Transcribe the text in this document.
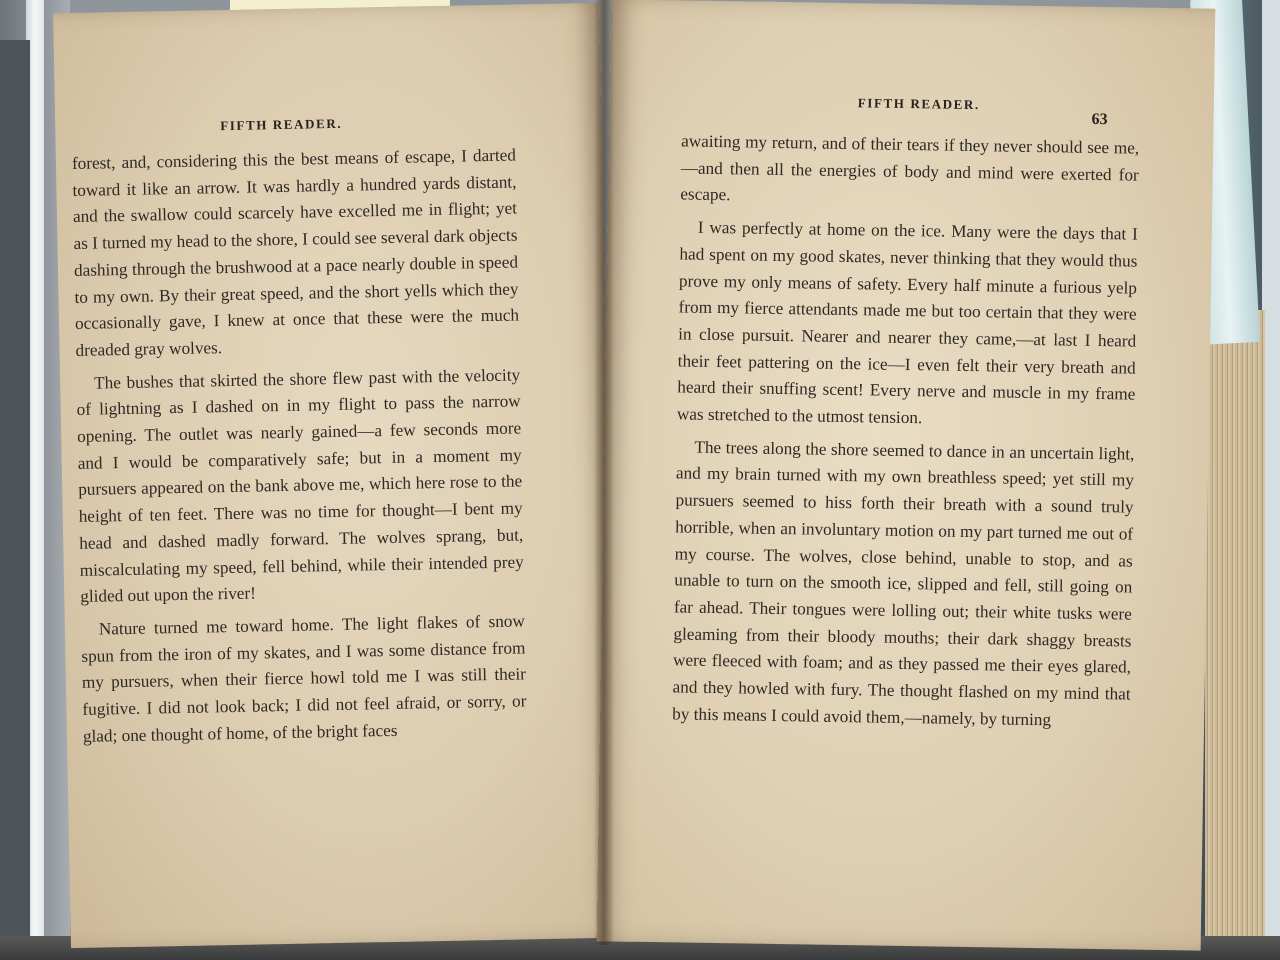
FIFTH READER.

forest, and, considering this the best means of escape, I darted toward it like an arrow. It was hardly a hundred yards distant, and the swallow could scarcely have excelled me in flight; yet as I turned my head to the shore, I could see several dark objects dashing through the brushwood at a pace nearly double in speed to my own. By their great speed, and the short yells which they occasionally gave, I knew at once that these were the much dreaded gray wolves.

The bushes that skirted the shore flew past with the velocity of lightning as I dashed on in my flight to pass the narrow opening. The outlet was nearly gained—a few seconds more and I would be comparatively safe; but in a moment my pursuers appeared on the bank above me, which here rose to the height of ten feet. There was no time for thought—I bent my head and dashed madly forward. The wolves sprang, but, miscalculating my speed, fell behind, while their intended prey glided out upon the river!

Nature turned me toward home. The light flakes of snow spun from the iron of my skates, and I was some distance from my pursuers, when their fierce howl told me I was still their fugitive. I did not look back; I did not feel afraid, or sorry, or glad; one thought of home, of the bright faces

FIFTH READER.
63

awaiting my return, and of their tears if they never should see me,—and then all the energies of body and mind were exerted for escape.

I was perfectly at home on the ice. Many were the days that I had spent on my good skates, never thinking that they would thus prove my only means of safety. Every half minute a furious yelp from my fierce attendants made me but too certain that they were in close pursuit. Nearer and nearer they came,—at last I heard their feet pattering on the ice—I even felt their very breath and heard their snuffing scent! Every nerve and muscle in my frame was stretched to the utmost tension.

The trees along the shore seemed to dance in an uncertain light, and my brain turned with my own breathless speed; yet still my pursuers seemed to hiss forth their breath with a sound truly horrible, when an involuntary motion on my part turned me out of my course. The wolves, close behind, unable to stop, and as unable to turn on the smooth ice, slipped and fell, still going on far ahead. Their tongues were lolling out; their white tusks were gleaming from their bloody mouths; their dark shaggy breasts were fleeced with foam; and as they passed me their eyes glared, and they howled with fury. The thought flashed on my mind that by this means I could avoid them,—namely, by turning
